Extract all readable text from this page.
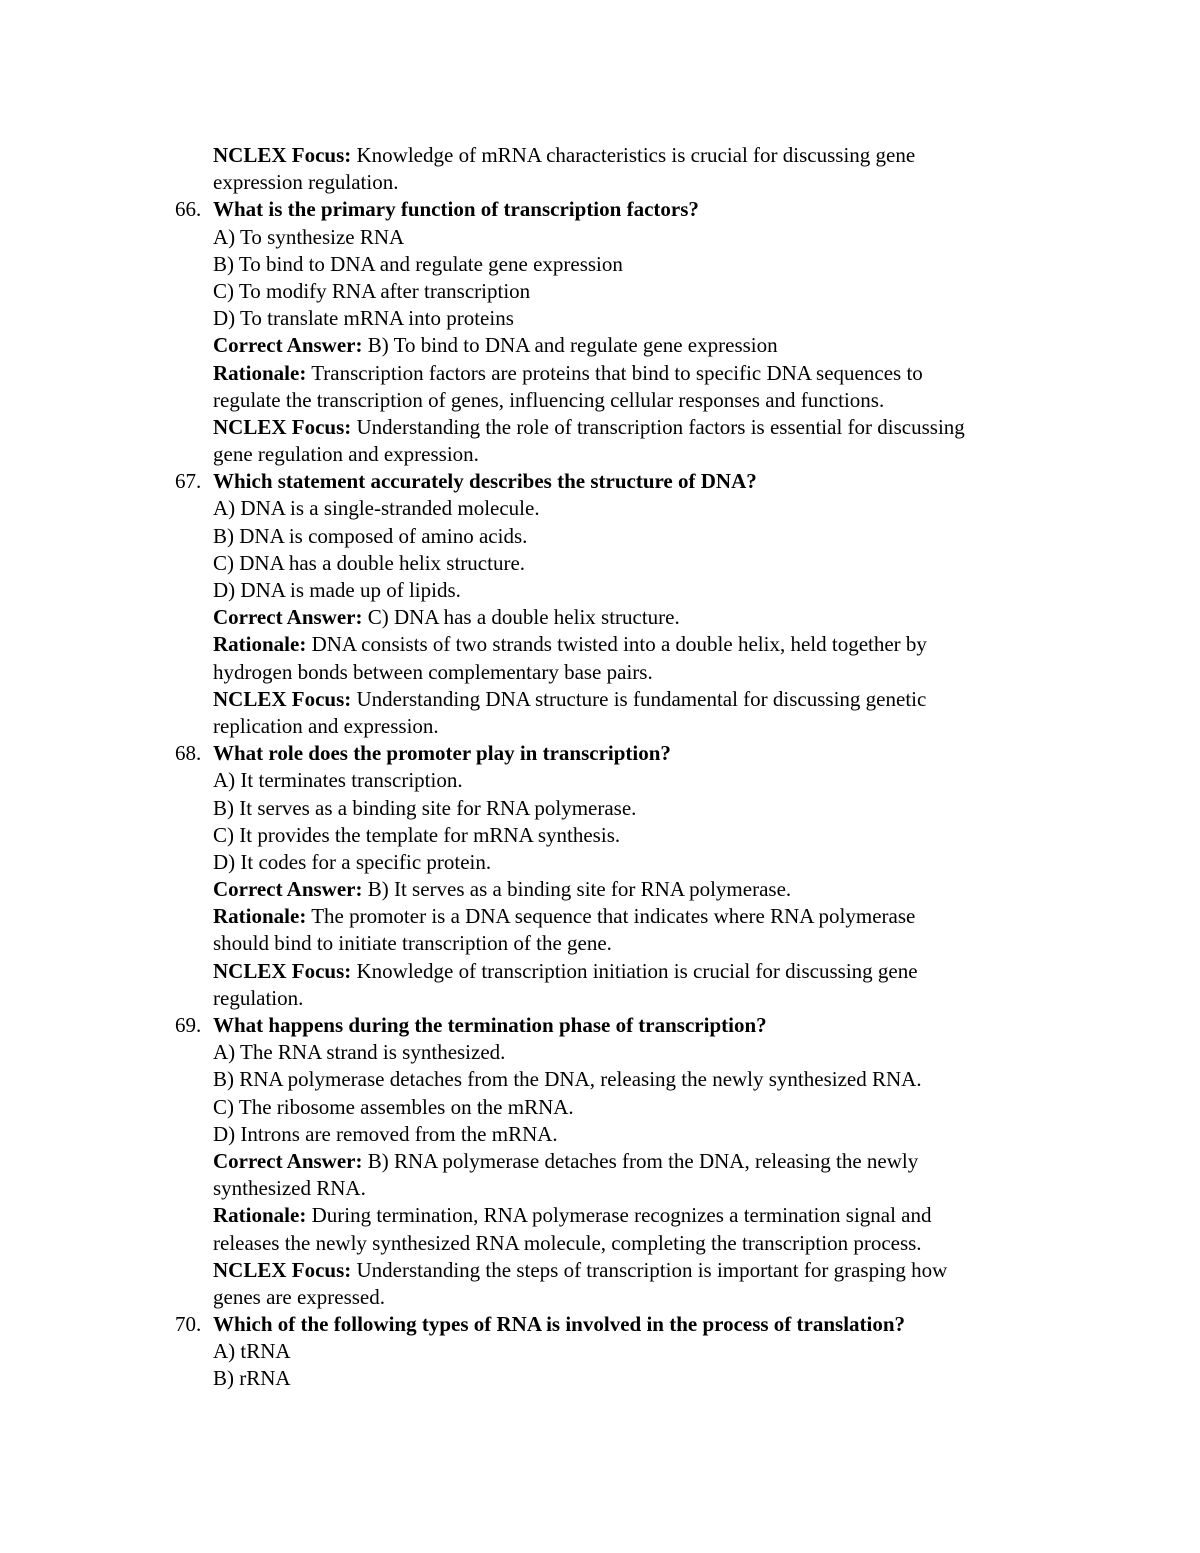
NCLEX Focus: Knowledge of mRNA characteristics is crucial for discussing gene
expression regulation.
66. What is the primary function of transcription factors?
A) To synthesize RNA
B) To bind to DNA and regulate gene expression
C) To modify RNA after transcription
D) To translate mRNA into proteins
Correct Answer: B) To bind to DNA and regulate gene expression
Rationale: Transcription factors are proteins that bind to specific DNA sequences to
regulate the transcription of genes, influencing cellular responses and functions.
NCLEX Focus: Understanding the role of transcription factors is essential for discussing
gene regulation and expression.
67. Which statement accurately describes the structure of DNA?
A) DNA is a single-stranded molecule.
B) DNA is composed of amino acids.
C) DNA has a double helix structure.
D) DNA is made up of lipids.
Correct Answer: C) DNA has a double helix structure.
Rationale: DNA consists of two strands twisted into a double helix, held together by
hydrogen bonds between complementary base pairs.
NCLEX Focus: Understanding DNA structure is fundamental for discussing genetic
replication and expression.
68. What role does the promoter play in transcription?
A) It terminates transcription.
B) It serves as a binding site for RNA polymerase.
C) It provides the template for mRNA synthesis.
D) It codes for a specific protein.
Correct Answer: B) It serves as a binding site for RNA polymerase.
Rationale: The promoter is a DNA sequence that indicates where RNA polymerase
should bind to initiate transcription of the gene.
NCLEX Focus: Knowledge of transcription initiation is crucial for discussing gene
regulation.
69. What happens during the termination phase of transcription?
A) The RNA strand is synthesized.
B) RNA polymerase detaches from the DNA, releasing the newly synthesized RNA.
C) The ribosome assembles on the mRNA.
D) Introns are removed from the mRNA.
Correct Answer: B) RNA polymerase detaches from the DNA, releasing the newly
synthesized RNA.
Rationale: During termination, RNA polymerase recognizes a termination signal and
releases the newly synthesized RNA molecule, completing the transcription process.
NCLEX Focus: Understanding the steps of transcription is important for grasping how
genes are expressed.
70. Which of the following types of RNA is involved in the process of translation?
A) tRNA
B) rRNA
